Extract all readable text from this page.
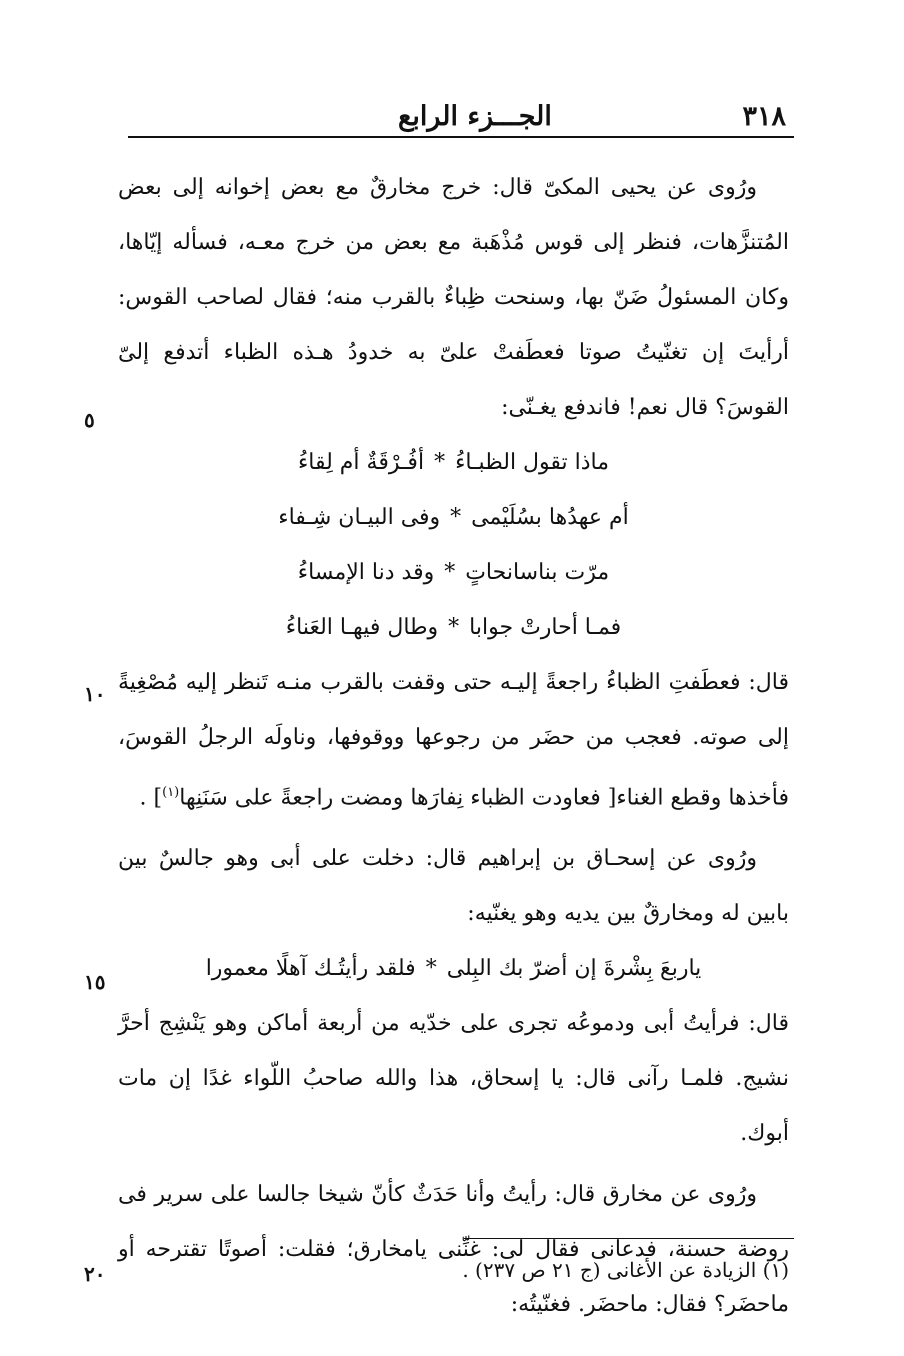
الجـــزء الرابع	٣١٨
٥
١٠
١٥
٢٠

ورُوى عن يحيى المكىّ قال: خرج مخارقٌ مع بعض إخوانه إلى بعض المُتنزَّهات، فنظر إلى قوس مُذْهَبة مع بعض من خرج معـه، فسأله إيّاها، وكان المسئولُ ضَنّ بها، وسنحت ظِباءٌ بالقرب منه؛ فقال لصاحب القوس: أرأيتَ إن تغنّيتُ صوتا فعطَفتْ علىّ به خدودُ هـذه الظباء أتدفع إلىّ القوسَ؟ قال نعم! فاندفع يغـنّى:

ماذا تقول الظبـاءُ*أفُـرْقَةٌ أم لِقاءُ

أم عهدُها بسُلَيْمى*وفى البيـان شِـفاء

مرّت بناسانحاتٍ*وقد دنا الإمساءُ

فمـا أحارتْ جوابا*وطال فيهـا العَناءُ

قال: فعطَفتِ الظباءُ راجعةً إليـه حتى وقفت بالقرب منـه تَنظر إليه مُصْغِيةً إلى صوته. فعجب من حضَر من رجوعها ووقوفها، وناولَه الرجلُ القوسَ، فأخذها وقطع الغناء[ فعاودت الظباء نِفارَها ومضت راجعةً على سَنَنِها$^{(١)}$] .

ورُوى عن إسحـاق بن إبراهيم قال: دخلت على أبى وهو جالسٌ بين بابين له ومخارقٌ بين يديه وهو يغنّيه:

ياربعَ بِشْرةَ إن أضرّ بك البِلى*فلقد رأيتُـك آهلًا معمورا

قال: فرأيتُ أبى ودموعُه تجرى على خدّيه من أربعة أماكن وهو يَنْشِج أحرَّ نشيج. فلمـا رآنى قال: يا إسحاق، هذا والله صاحبُ اللّواء غدًا إن مات أبوك.

ورُوى عن مخارق قال: رأيتُ وأنا حَدَثٌ كأنّ شيخا جالسا على سرير فى روضة حسنة، فدعانى فقال لى: غنِّنى يامخارق؛ فقلت: أصوتًا تقترحه أو ماحضَر؟ فقال: ماحضَر. فغنّيتُه:

(١) الزيادة عن الأغانى (ج ٢١ ص ٢٣٧) .
